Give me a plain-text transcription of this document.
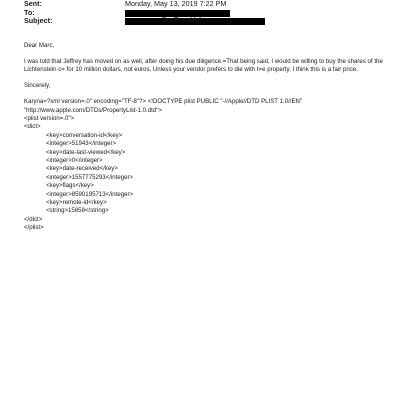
Sent:	Monday, May 13, 2019 7:22 PM
To:
Subject:	Bin Ennakhil

Dear Marc,

I was told that Jeffrey has moved on as well, after doing his due diligence.=That being said, I would be willing to buy the shares of the Lichtenstein c= for 10 million dollars, not euros. Unless your vendor prefers to die with t=e property, I think this is a fair price.

Sincerely,

Karyna=?xml version=.0" encoding="TF-8"?> <!DOCTYPE plist PUBLIC "-//Apple//DTD PLIST 1.0//EN"
"http://www.apple.com/DTDs/PropertyList-1.0.dtd">
<plist version=.0">
<dict>
<key>conversation-id</key>
<integer>51943</integer>
<key>date-last-viewed</key>
<integer>0</integer>
<key>date-received</key>
<integer>1557775293</integer>
<key>flags</key>
<integer>8590195713</integer>
<key>remote-id</key>
<string>15858</string>
</dict>
</plist>
